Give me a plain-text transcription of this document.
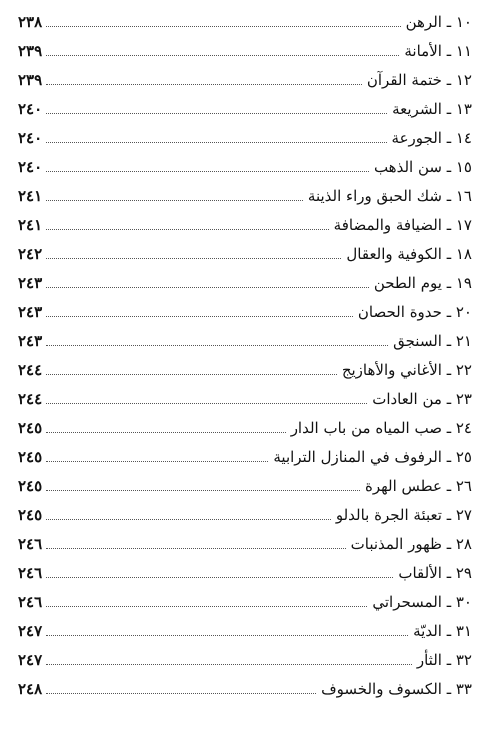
١٠ ـ الرهن
٢٣٨
١١ ـ الأمانة
٢٣٩
١٢ ـ ختمة القرآن
٢٣٩
١٣ ـ الشريعة
٢٤٠
١٤ ـ الجورعة
٢٤٠
١٥ ـ سن الذهب
٢٤٠
١٦ ـ شك الحبق وراء الذينة
٢٤١
١٧ ـ الضيافة والمضافة
٢٤١
١٨ ـ الكوفية والعقال
٢٤٢
١٩ ـ يوم الطحن
٢٤٣
٢٠ ـ حدوة الحصان
٢٤٣
٢١ ـ السنجق
٢٤٣
٢٢ ـ الأغاني والأهازيج
٢٤٤
٢٣ ـ من العادات
٢٤٤
٢٤ ـ صب المياه من باب الدار
٢٤٥
٢٥ ـ الرفوف في المنازل الترابية
٢٤٥
٢٦ ـ عطس الهرة
٢٤٥
٢٧ ـ تعبئة الجرة بالدلو
٢٤٥
٢٨ ـ ظهور المذنبات
٢٤٦
٢٩ ـ الألقاب
٢٤٦
٣٠ ـ المسحراتي
٢٤٦
٣١ ـ الديّة
٢٤٧
٣٢ ـ الثأر
٢٤٧
٣٣ ـ الكسوف والخسوف
٢٤٨
